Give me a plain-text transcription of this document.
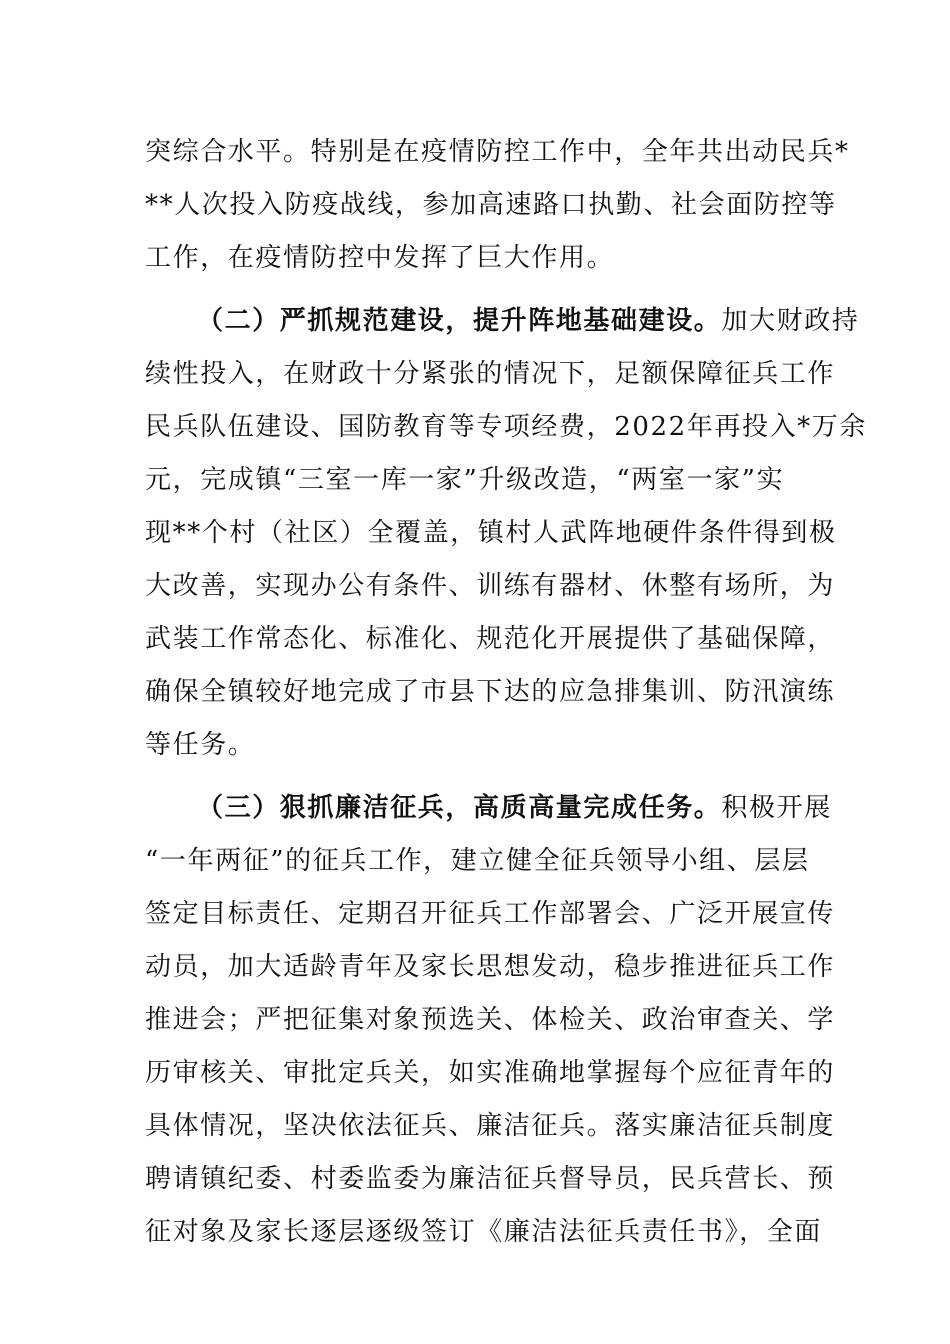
突综合水平。特别是在疫情防控工作中，全年共出动民兵*
**人次投入防疫战线，参加高速路口执勤、社会面防控等
工作，在疫情防控中发挥了巨大作用。
（二）严抓规范建设，提升阵地基础建设。加大财政持
续性投入，在财政十分紧张的情况下，足额保障征兵工作
民兵队伍建设、国防教育等专项经费，2022年再投入*万余
元，完成镇“三室一库一家”升级改造，“两室一家”实
现**个村（社区）全覆盖，镇村人武阵地硬件条件得到极
大改善，实现办公有条件、训练有器材、休整有场所，为
武装工作常态化、标准化、规范化开展提供了基础保障，
确保全镇较好地完成了市县下达的应急排集训、防汛演练
等任务。
（三）狠抓廉洁征兵，高质高量完成任务。积极开展
“一年两征”的征兵工作，建立健全征兵领导小组、层层
签定目标责任、定期召开征兵工作部署会、广泛开展宣传
动员，加大适龄青年及家长思想发动，稳步推进征兵工作
推进会；严把征集对象预选关、体检关、政治审查关、学
历审核关、审批定兵关，如实准确地掌握每个应征青年的
具体情况，坚决依法征兵、廉洁征兵。落实廉洁征兵制度
聘请镇纪委、村委监委为廉洁征兵督导员，民兵营长、预
征对象及家长逐层逐级签订《廉洁法征兵责任书》，全面
